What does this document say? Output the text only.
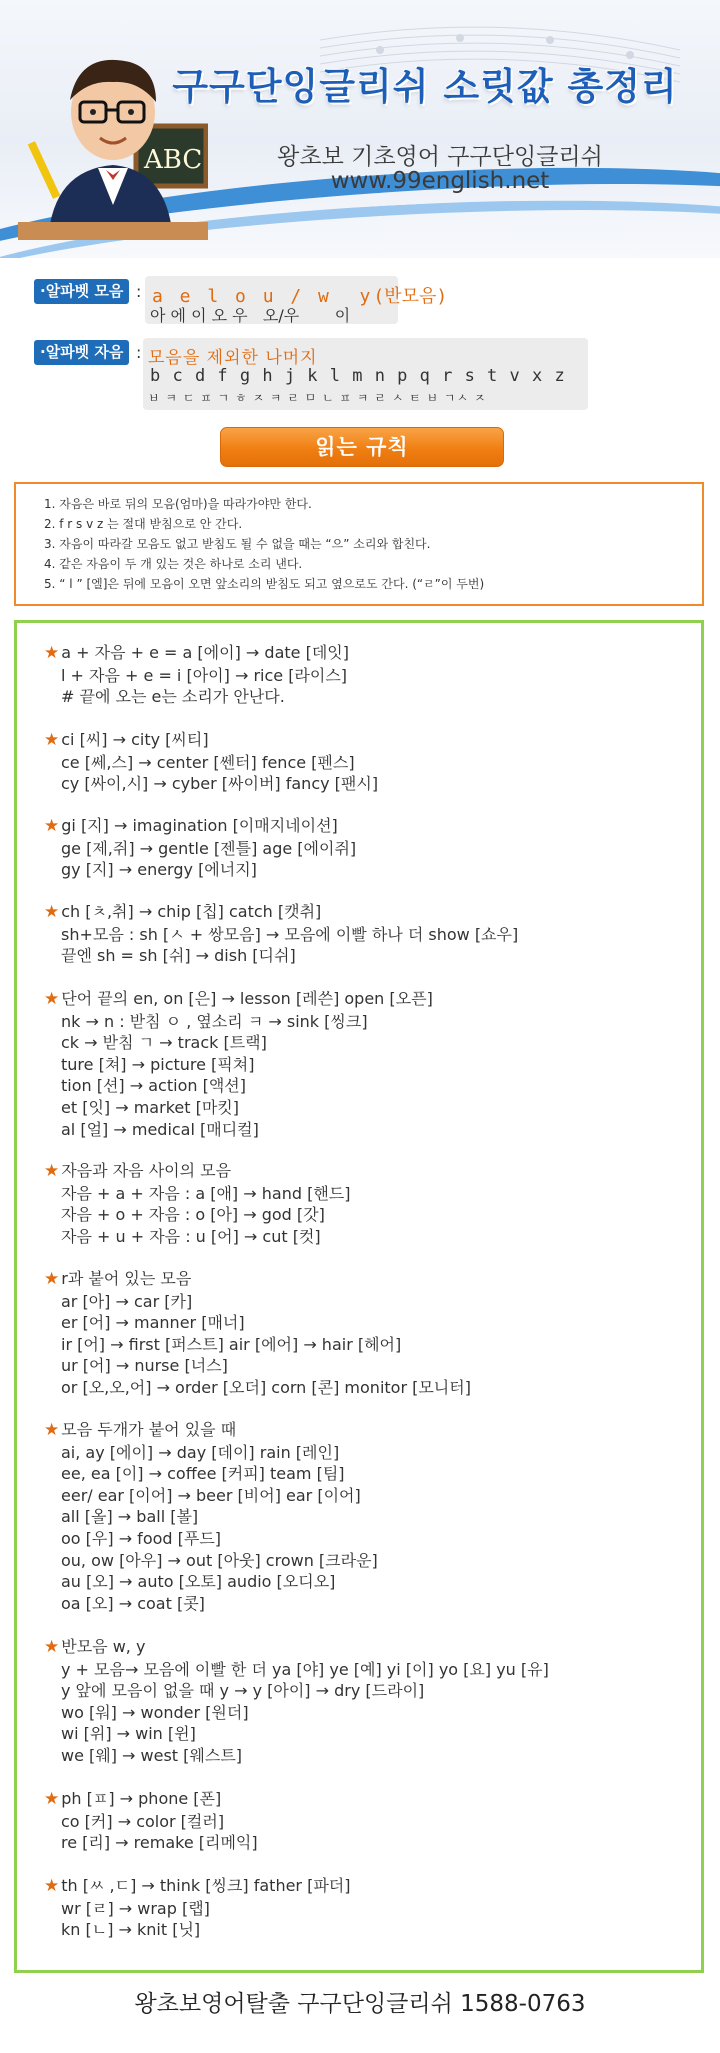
ABC
구구단잉글리쉬 소릿값 총정리
왕초보 기초영어 구구단잉글리쉬
www.99english.net
·알파벳 모음 : a e l o u / w  y(반모음)
아 에 이 오 우   오/우       이
·알파벳 자음 : 모음을 제외한 나머지
b c d f g h j k l m n p q r s t v x z
ㅂ ㅋ ㄷ ㅍ ㄱ ㅎ ㅈ ㅋ ㄹ ㅁ ㄴ ㅍ ㅋ ㄹ ㅅ ㅌ ㅂ ㄱㅅ ㅈ
읽는 규칙
1. 자음은 바로 뒤의 모음(엄마)을 따라가야만 한다.
2. f r s v z 는 절대 받침으로 안 간다.
3. 자음이 따라갈 모음도 없고 받침도 될 수 없을 때는 “으” 소리와 합친다.
4. 같은 자음이 두 개 있는 것은 하나로 소리 낸다.
5. “ l ” [엘]은 뒤에 모음이 오면 앞소리의 받침도 되고 옆으로도 간다. (“ㄹ”이 두번)
★ a + 자음 + e = a [에이] → date [데잇]
l + 자음 + e = i [아이] → rice [라이스]
# 끝에 오는 e는 소리가 안난다.
★ ci [씨] → city [씨티]
ce [쎄,스] → center [쎈터] fence [펜스]
cy [싸이,시] → cyber [싸이버] fancy [팬시]
★ gi [지] → imagination [이매지네이션]
ge [제,쥐] → gentle [젠틀] age [에이쥐]
gy [지] → energy [에너지]
★ ch [ㅊ,취] → chip [칩] catch [캣취]
sh+모음 : sh [ㅅ + 쌍모음] → 모음에 이빨 하나 더 show [쇼우]
끝엔 sh = sh [쉬] → dish [디쉬]
★ 단어 끝의 en, on [은] → lesson [레쓴] open [오픈]
nk → n : 받침 ㅇ , 옆소리 ㅋ → sink [씽크]
ck → 받침 ㄱ → track [트랙]
ture [쳐] → picture [픽쳐]
tion [션] → action [액션]
et [잇] → market [마킷]
al [얼] → medical [매디컬]
★ 자음과 자음 사이의 모음
자음 + a + 자음 : a [애] → hand [핸드]
자음 + o + 자음 : o [아] → god [갓]
자음 + u + 자음 : u [어] → cut [컷]
★ r과 붙어 있는 모음
ar [아] → car [카]
er [어] → manner [매너]
ir [어] → first [퍼스트] air [에어] → hair [헤어]
ur [어] → nurse [너스]
or [오,오,어] → order [오더] corn [콘] monitor [모니터]
★ 모음 두개가 붙어 있을 때
ai, ay [에이] → day [데이] rain [레인]
ee, ea [이] → coffee [커피] team [팀]
eer/ ear [이어] → beer [비어] ear [이어]
all [올] → ball [볼]
oo [우] → food [푸드]
ou, ow [아우] → out [아웃] crown [크라운]
au [오] → auto [오토] audio [오디오]
oa [오] → coat [콧]
★ 반모음 w, y
y + 모음→ 모음에 이빨 한 더 ya [야] ye [예] yi [이] yo [요] yu [유]
y 앞에 모음이 없을 때 y → y [아이] → dry [드라이]
wo [워] → wonder [원더]
wi [위] → win [윈]
we [웨] → west [웨스트]
★ ph [ㅍ] → phone [폰]
co [커] → color [컬러]
re [리] → remake [리메익]
★ th [ㅆ ,ㄷ] → think [씽크] father [파더]
wr [ㄹ] → wrap [랩]
kn [ㄴ] → knit [닛]
왕초보영어탈출 구구단잉글리쉬 1588-0763
